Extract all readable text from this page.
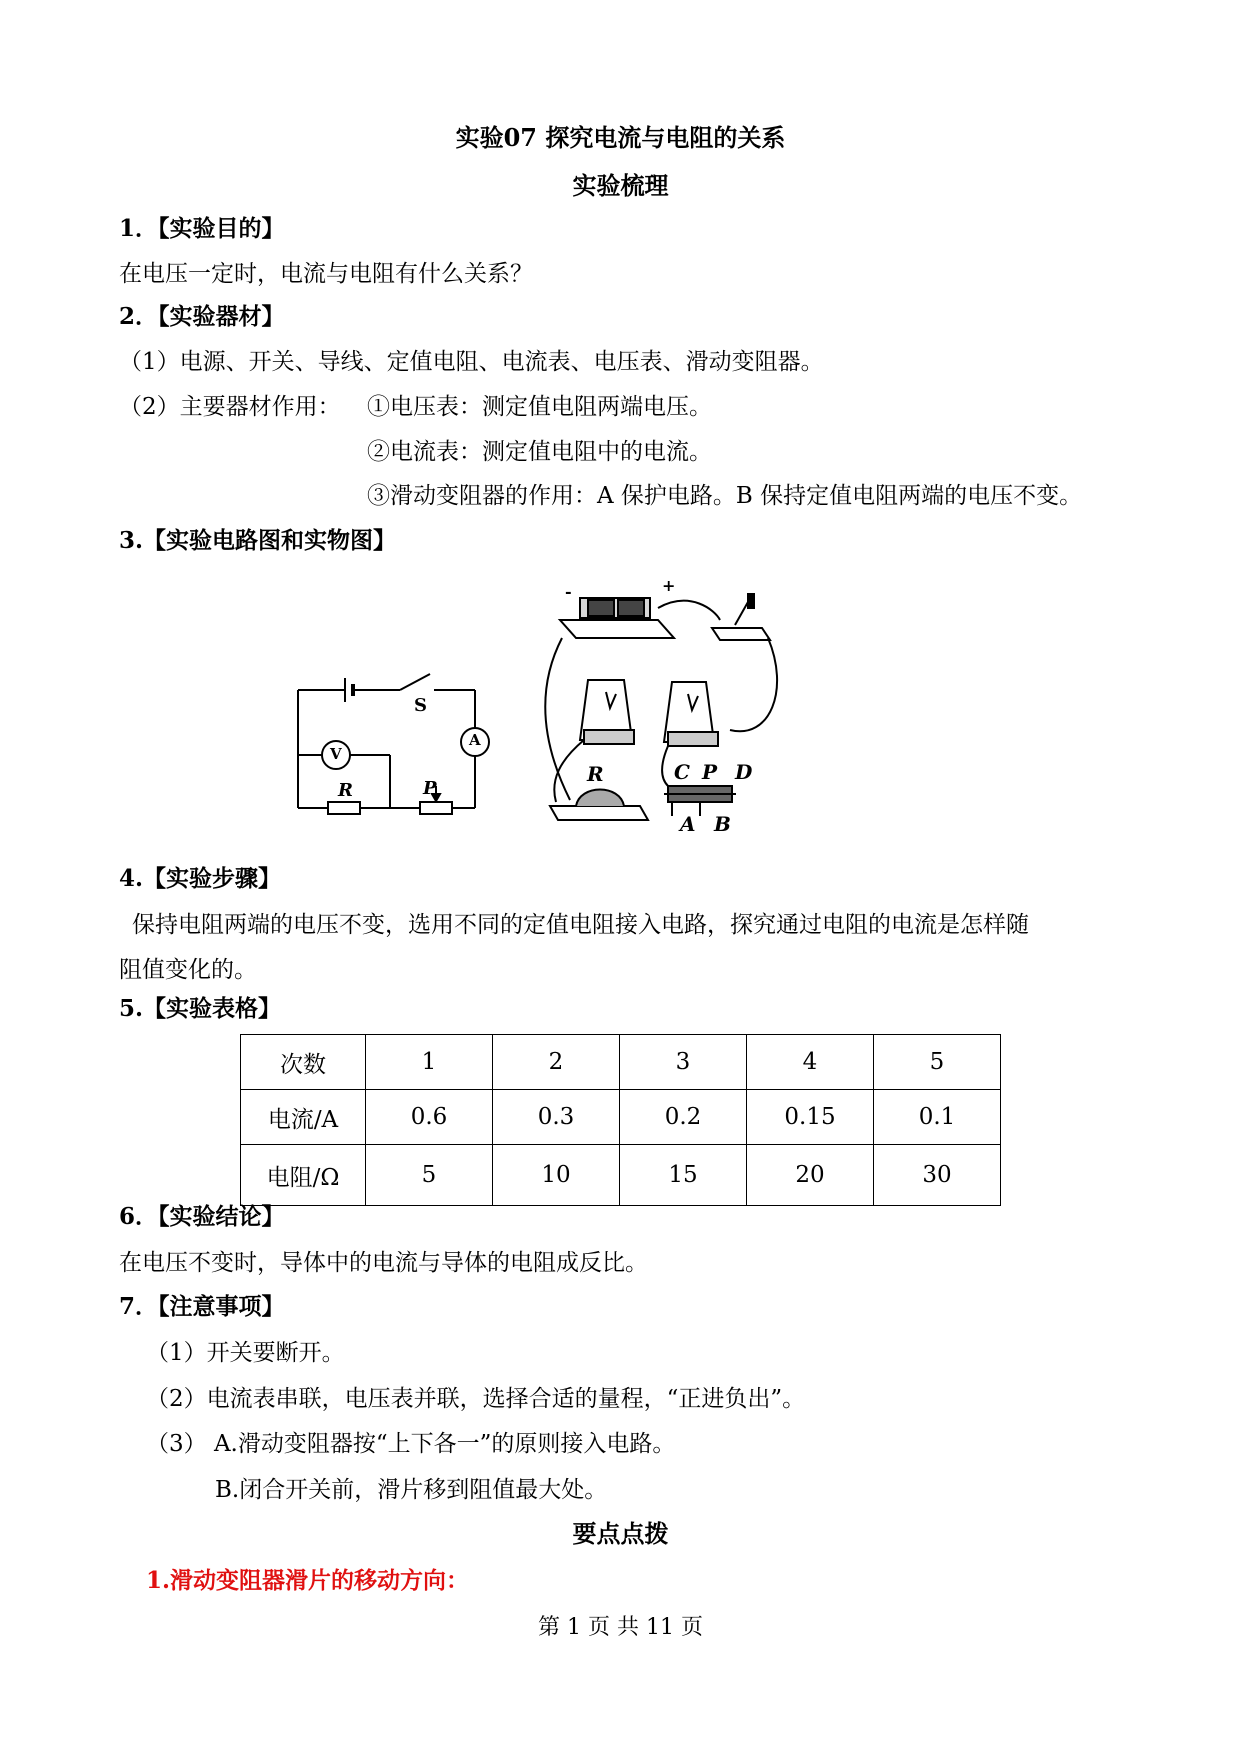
实验07 探究电流与电阻的关系
实验梳理
1．【实验目的】
在电压一定时，电流与电阻有什么关系？
2．【实验器材】
（1）电源、开关、导线、定值电阻、电流表、电压表、滑动变阻器。
（2）主要器材作用： ①电压表：测定值电阻两端电压。
②电流表：测定值电阻中的电流。
③滑动变阻器的作用：A 保护电路。B 保持定值电阻两端的电压不变。
3.【实验电路图和实物图】
S
A
V
R	P
-	+
R	C P D
A B
4.【实验步骤】
保持电阻两端的电压不变，选用不同的定值电阻接入电路，探究通过电阻的电流是怎样随
阻值变化的。
5.【实验表格】
次数	1	2	3	4	5
电流/A	0.6	0.3	0.2	0.15	0.1
电阻/Ω	5	10	15	20	30
6．【实验结论】
在电压不变时，导体中的电流与导体的电阻成反比。
7．【注意事项】
（1）开关要断开。
（2）电流表串联，电压表并联，选择合适的量程，“正进负出”。
（3） A.滑动变阻器按“上下各一”的原则接入电路。
B.闭合开关前，滑片移到阻值最大处。
要点点拨
1.滑动变阻器滑片的移动方向：
第 1 页 共 11 页
